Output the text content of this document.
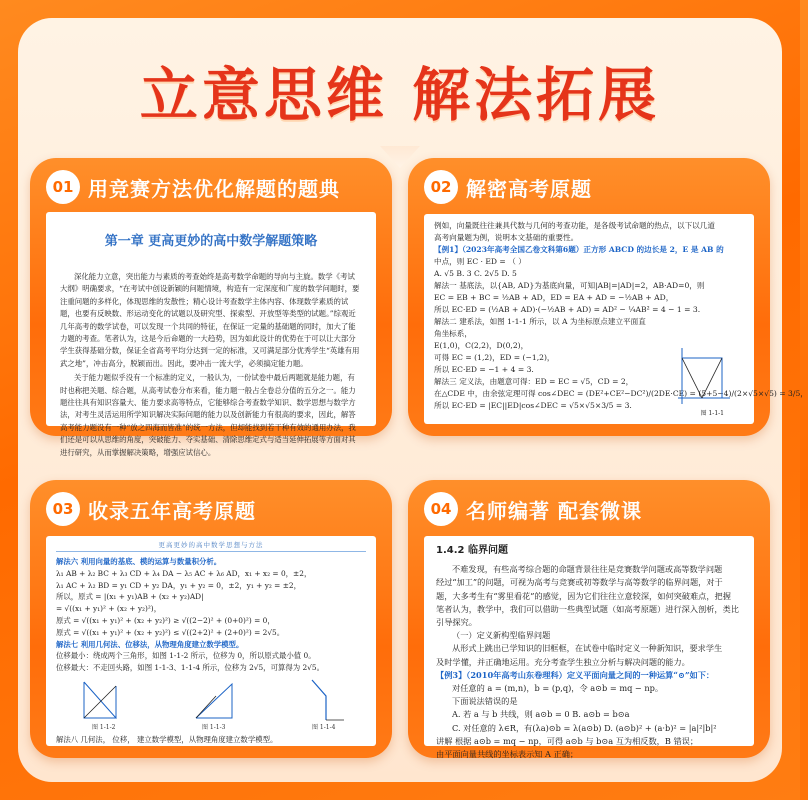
立意思维 解法拓展
01 用竞赛方法优化解题的题典
第一章 更高更妙的高中数学解题策略

深化能力立意，突出能力与素质的考查始终是高考数学命题的导向与主旋。数学《考试大纲》明确要求，“在考试中创设新颖的问题情境，构造有一定深度和广度的数学问题时，要注重问题的多样化，体现思维的发散性；精心设计考查数学主体内容、体现数学素质的试题，也要有反映数、形运动变化的试题以及研究型、探索型、开放型等类型的试题。”综观近几年高考的数学试卷，可以发现一个共同的特征，在保证一定量的基础题的同时，加大了能力题的考查。笔者认为，这是今后命题的一大趋势，因为如此设计的优势在于可以让大部分学生获得基础分数，保证全省高考平均分达到一定的标准，又可满足部分优秀学生“英雄有用武之地”，冲击高分，脱颖而出。因此，要冲击一流大学，必须搞定能力题。

关于能力题似乎没有一个标准的定义，一般认为，一份试卷中最后两题就是能力题，有时也称把关题、综合题，从高考试卷分布来看，能力题一般占全卷总分值的五分之一。能力题往往具有知识容量大、能力要求高等特点，它能够综合考查数学知识、数学思想与数学方法，对考生灵活运用所学知识解决实际问题的能力以及创新能力有很高的要求，因此，解答高考能力题没有一种“放之四海而皆准”的统一方法，但却能找到若干种有效的通用办法，我们还是可以从思维的角度，突破能力、夺实基础、清除思维定式与适当延伸拓展等方面对其进行研究，从而掌握解决策略，增强应试信心。

02 解密高考原题
例如，向量既往往兼具代数与几何的考查功能，是各级考试命题的热点，以下以几道
高考向量题为例，说明本文基础的重要性。
【例1】（2023年高考全国乙卷文科第6题）正方形 ABCD 的边长是 2，E 是 AB 的
中点，则 EC · ED = （ ）
A. √5 B. 3 C. 2√5 D. 5
解法一 基底法，以{AB, AD}为基底向量，可知|AB|=|AD|=2，AB·AD=0，则
EC = EB + BC = ½AB + AD，ED = EA + AD = −½AB + AD，
所以 EC·ED = (½AB + AD)·(−½AB + AD) = AD² − ¼AB² = 4 − 1 = 3.
解法二 建系法，如图 1-1-1 所示，以 A 为坐标原点建立平面直
角坐标系，
E(1,0)，C(2,2)，D(0,2)，
可得 EC = (1,2)，ED = (−1,2)，
所以 EC·ED = −1 + 4 = 3.
解法三 定义法，由题意可得：ED = EC = √5，CD = 2，
在△CDE 中，由余弦定理可得 cos∠DEC = (DE²+CE²−DC²)/(2DE·CE) = (5+5−4)/(2×√5×√5) = 3/5，
所以 EC·ED = |EC||ED|cos∠DEC = √5×√5×3/5 = 3.
图 1-1-1
03 收录五年高考原题
更高更妙的高中数学思想与方法
解法六 利用向量的基底、模的运算与数量积分析。
λ₁ AB + λ₂ BC + λ₃ CD + λ₄ DA − λ₅ AC + λ₆ AD，x₁ + x₂ = 0，±2，
λ₁ AC + λ₂ BD = y₁ CD + y₂ DA，y₁ + y₂ = 0，±2，y₁ + y₂ = ±2，
所以，原式 = |(x₁ + y₁)AB + (x₂ + y₂)AD|
= √((x₁ + y₁)² + (x₂ + y₂)²)，
原式 = √((x₁ + y₁)² + (x₂ + y₂)²) ≥ √((2−2)² + (0+0)²) = 0，
原式 = √((x₁ + y₁)² + (x₂ + y₂)²) ≤ √((2+2)² + (2+0)²) = 2√5。
解法七 利用几何法、位移法，从物理角度建立数学模型。
位移最小：绕成两个三角形，如图 1-1-2 所示，位移为 0，所以原式最小值 0。
位移最大：不走回头路，如图 1-1-3、1-1-4 所示，位移为 2√5，可算得为 2√5。
图 1-1-2	图 1-1-3	图 1-1-4
解法八 几何法， 位移， 建立数学模型，从物理角度建立数学模型。
04 名师编著 配套微课
1.4.2 临界问题
不难发现，有些高考综合题的命题背景往往是竞赛数学问题或高等数学问题
经过“加工”的问题，可视为高考与竞赛或初等数学与高等数学的临界问题，对于
题，大多考生有“雾里看花”的感觉，因为它们往往立意较深，如何突破难点，把握
笔者认为，教学中，我们可以借助一些典型试题（如高考原题）进行深入剖析，类比
引导探究。
（一）定义新构型临界问题
从形式上跳出已学知识的旧框框，在试卷中临时定义一种新知识，要求学生
及时学懂，并正确地运用。充分考查学生独立分析与解决问题的能力。
【例3】（2010年高考山东卷理科）定义平面向量之间的一种运算“⊙”如下：
对任意的 a = (m,n)，b = (p,q)，令 a⊙b = mq − np。
下面说法错误的是
A. 若 a 与 b 共线，则 a⊙b = 0 B. a⊙b = b⊙a
C. 对任意的 λ∈R，有(λa)⊙b = λ(a⊙b) D. (a⊙b)² + (a·b)² = |a|²|b|²
讲解 根据 a⊙b = mq − np，可得 a⊙b 与 b⊙a 互为相反数，B 错误；
由平面向量共线的坐标表示知 A 正确；
